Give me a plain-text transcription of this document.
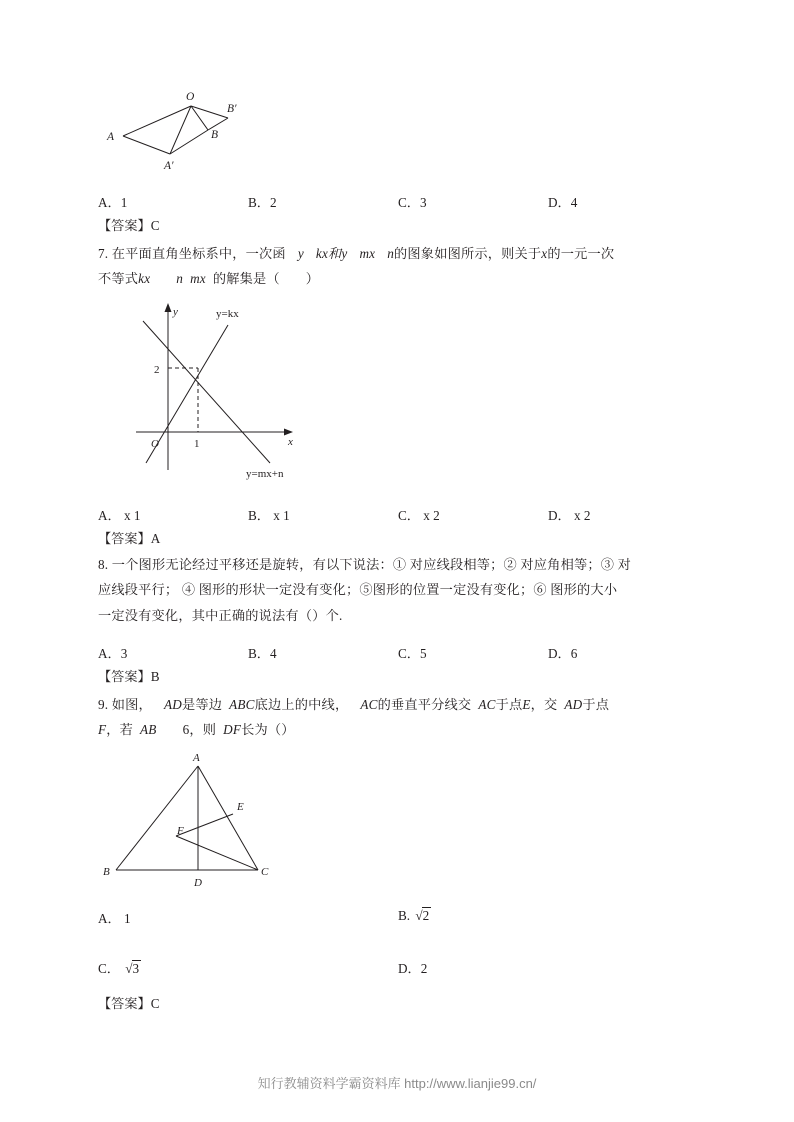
O
B′
A	B
A′
A．1	B．2	C．3	D．4
【答案】C
7. 在平面直角坐标系中，一次函 y kx和y mx n的图象如图所示，则关于x的一元一次
不等式kx n mx 的解集是（ ）
y
x
O
2
1
y=kx
y=mx+n
A． x 1	B． x 1	C． x 2	D． x 2
【答案】A
8. 一个图形无论经过平移还是旋转，有以下说法：① 对应线段相等；② 对应角相等；③ 对
应线段平行； ④ 图形的形状一定没有变化；⑤图形的位置一定没有变化；⑥ 图形的大小
一定没有变化，其中正确的说法有（）个.
A．3	B．4	C．5	D．6
【答案】B
9. 如图， AD是等边 ABC底边上的中线， AC的垂直平分线交 AC于点E，交 AD于点
F，若 AB 6，则 DF长为（）
A
E
F
B
D
C
A． 1	B. √2
C． √3	D．2
【答案】C
知行教辅资料学霸资料库 http://www.lianjie99.cn/
